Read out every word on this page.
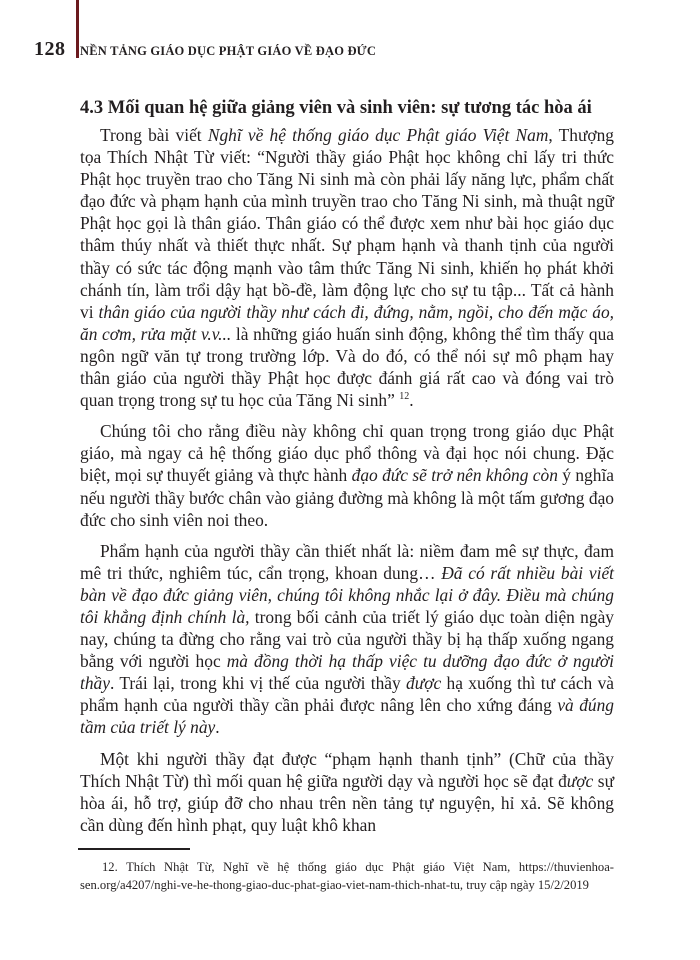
128	NỀN TẢNG GIÁO DỤC PHẬT GIÁO VỀ ĐẠO ĐỨC
4.3 Mối quan hệ giữa giảng viên và sinh viên: sự tương tác hòa ái

Trong bài viết Nghĩ về hệ thống giáo dục Phật giáo Việt Nam, Thượng tọa Thích Nhật Từ viết: “Người thầy giáo Phật học không chỉ lấy tri thức Phật học truyền trao cho Tăng Ni sinh mà còn phải lấy năng lực, phẩm chất đạo đức và phạm hạnh của mình truyền trao cho Tăng Ni sinh, mà thuật ngữ Phật học gọi là thân giáo. Thân giáo có thể được xem như bài học giáo dục thâm thúy nhất và thiết thực nhất. Sự phạm hạnh và thanh tịnh của người thầy có sức tác động mạnh vào tâm thức Tăng Ni sinh, khiến họ phát khởi chánh tín, làm trổi dậy hạt bồ-đề, làm động lực cho sự tu tập... Tất cả hành vi thân giáo của người thầy như cách đi, đứng, nằm, ngồi, cho đến mặc áo, ăn cơm, rửa mặt v.v... là những giáo huấn sinh động, không thể tìm thấy qua ngôn ngữ văn tự trong trường lớp. Và do đó, có thể nói sự mô phạm hay thân giáo của người thầy Phật học được đánh giá rất cao và đóng vai trò quan trọng trong sự tu học của Tăng Ni sinh” $^{12}$.

Chúng tôi cho rằng điều này không chỉ quan trọng trong giáo dục Phật giáo, mà ngay cả hệ thống giáo dục phổ thông và đại học nói chung. Đặc biệt, mọi sự thuyết giảng và thực hành đạo đức sẽ trở nên không còn ý nghĩa nếu người thầy bước chân vào giảng đường mà không là một tấm gương đạo đức cho sinh viên noi theo.

Phẩm hạnh của người thầy cần thiết nhất là: niềm đam mê sự thực, đam mê tri thức, nghiêm túc, cẩn trọng, khoan dung… Đã có rất nhiều bài viết bàn về đạo đức giảng viên, chúng tôi không nhắc lại ở đây. Điều mà chúng tôi khẳng định chính là, trong bối cảnh của triết lý giáo dục toàn diện ngày nay, chúng ta đừng cho rằng vai trò của người thầy bị hạ thấp xuống ngang bằng với người học mà đồng thời hạ thấp việc tu dưỡng đạo đức ở người thầy. Trái lại, trong khi vị thế của người thầy được hạ xuống thì tư cách và phẩm hạnh của người thầy cần phải được nâng lên cho xứng đáng và đúng tầm của triết lý này.

Một khi người thầy đạt được “phạm hạnh thanh tịnh” (Chữ của thầy Thích Nhật Từ) thì mối quan hệ giữa người dạy và người học sẽ đạt được sự hòa ái, hỗ trợ, giúp đỡ cho nhau trên nền tảng tự nguyện, hỉ xả. Sẽ không cần dùng đến hình phạt, quy luật khô khan

12. Thích Nhật Từ, Nghĩ về hệ thống giáo dục Phật giáo Việt Nam, https://thuvienhoa-sen.org/a4207/nghi-ve-he-thong-giao-duc-phat-giao-viet-nam-thich-nhat-tu, truy cập ngày 15/2/2019
